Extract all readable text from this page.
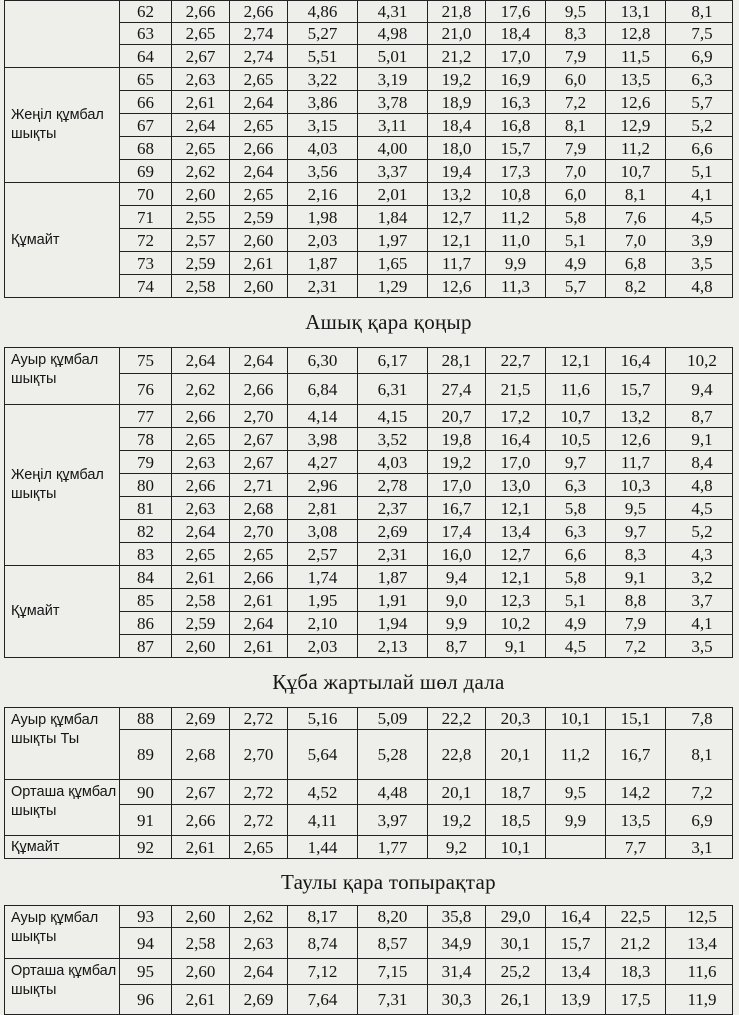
	62	2,66	2,66	4,86	4,31	21,8	17,6	9,5	13,1	8,1
	63	2,65	2,74	5,27	4,98	21,0	18,4	8,3	12,8	7,5
	64	2,67	2,74	5,51	5,01	21,2	17,0	7,9	11,5	6,9
Жеңіл құмбал шықты	65	2,63	2,65	3,22	3,19	19,2	16,9	6,0	13,5	6,3
	66	2,61	2,64	3,86	3,78	18,9	16,3	7,2	12,6	5,7
	67	2,64	2,65	3,15	3,11	18,4	16,8	8,1	12,9	5,2
	68	2,65	2,66	4,03	4,00	18,0	15,7	7,9	11,2	6,6
	69	2,62	2,64	3,56	3,37	19,4	17,3	7,0	10,7	5,1
Құмайт	70	2,60	2,65	2,16	2,01	13,2	10,8	6,0	8,1	4,1
	71	2,55	2,59	1,98	1,84	12,7	11,2	5,8	7,6	4,5
	72	2,57	2,60	2,03	1,97	12,1	11,0	5,1	7,0	3,9
	73	2,59	2,61	1,87	1,65	11,7	9,9	4,9	6,8	3,5
	74	2,58	2,60	2,31	1,29	12,6	11,3	5,7	8,2	4,8
Ашық қара қоңыр										
Ауыр құмбал шықты	75	2,64	2,64	6,30	6,17	28,1	22,7	12,1	16,4	10,2
	76	2,62	2,66	6,84	6,31	27,4	21,5	11,6	15,7	9,4
Жеңіл құмбал шықты	77	2,66	2,70	4,14	4,15	20,7	17,2	10,7	13,2	8,7
	78	2,65	2,67	3,98	3,52	19,8	16,4	10,5	12,6	9,1
	79	2,63	2,67	4,27	4,03	19,2	17,0	9,7	11,7	8,4
	80	2,66	2,71	2,96	2,78	17,0	13,0	6,3	10,3	4,8
	81	2,63	2,68	2,81	2,37	16,7	12,1	5,8	9,5	4,5
	82	2,64	2,70	3,08	2,69	17,4	13,4	6,3	9,7	5,2
	83	2,65	2,65	2,57	2,31	16,0	12,7	6,6	8,3	4,3
Құмайт	84	2,61	2,66	1,74	1,87	9,4	12,1	5,8	9,1	3,2
	85	2,58	2,61	1,95	1,91	9,0	12,3	5,1	8,8	3,7
	86	2,59	2,64	2,10	1,94	9,9	10,2	4,9	7,9	4,1
	87	2,60	2,61	2,03	2,13	8,7	9,1	4,5	7,2	3,5
Құба жартылай шөл дала										
Ауыр құмбал шықты Ты	88	2,69	2,72	5,16	5,09	22,2	20,3	10,1	15,1	7,8
	89	2,68	2,70	5,64	5,28	22,8	20,1	11,2	16,7	8,1
Орташа құмбал шықты	90	2,67	2,72	4,52	4,48	20,1	18,7	9,5	14,2	7,2
	91	2,66	2,72	4,11	3,97	19,2	18,5	9,9	13,5	6,9
Құмайт	92	2,61	2,65	1,44	1,77	9,2	10,1		7,7	3,1
Таулы қара топырақтар										
Ауыр құмбал шықты	93	2,60	2,62	8,17	8,20	35,8	29,0	16,4	22,5	12,5
	94	2,58	2,63	8,74	8,57	34,9	30,1	15,7	21,2	13,4
Орташа құмбал шықты	95	2,60	2,64	7,12	7,15	31,4	25,2	13,4	18,3	11,6
	96	2,61	2,69	7,64	7,31	30,3	26,1	13,9	17,5	11,9
